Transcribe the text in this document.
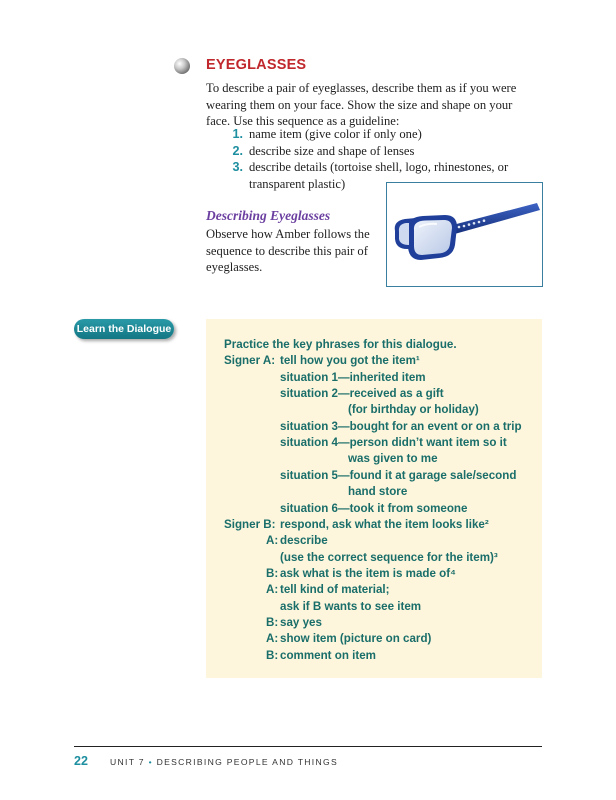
EYEGLASSES
To describe a pair of eyeglasses, describe them as if you were wearing them on your face. Show the size and shape on your face. Use this sequence as a guideline:
1. name item (give color if only one)
2. describe size and shape of lenses
3. describe details (tortoise shell, logo, rhinestones, or transparent plastic)
Describing Eyeglasses
Observe how Amber follows the sequence to describe this pair of eyeglasses.
Learn the Dialogue
Practice the key phrases for this dialogue.
Signer A: tell how you got the item¹
situation 1—inherited item
situation 2—received as a gift
(for birthday or holiday)
situation 3—bought for an event or on a trip
situation 4—person didn’t want item so it
was given to me
situation 5—found it at garage sale/second
hand store
situation 6—took it from someone
Signer B: respond, ask what the item looks like²
A: describe
(use the correct sequence for the item)³
B: ask what is the item is made of⁴
A: tell kind of material;
ask if B wants to see item
B: say yes
A: show item (picture on card)
B: comment on item
22	UNIT 7 • DESCRIBING PEOPLE AND THINGS
